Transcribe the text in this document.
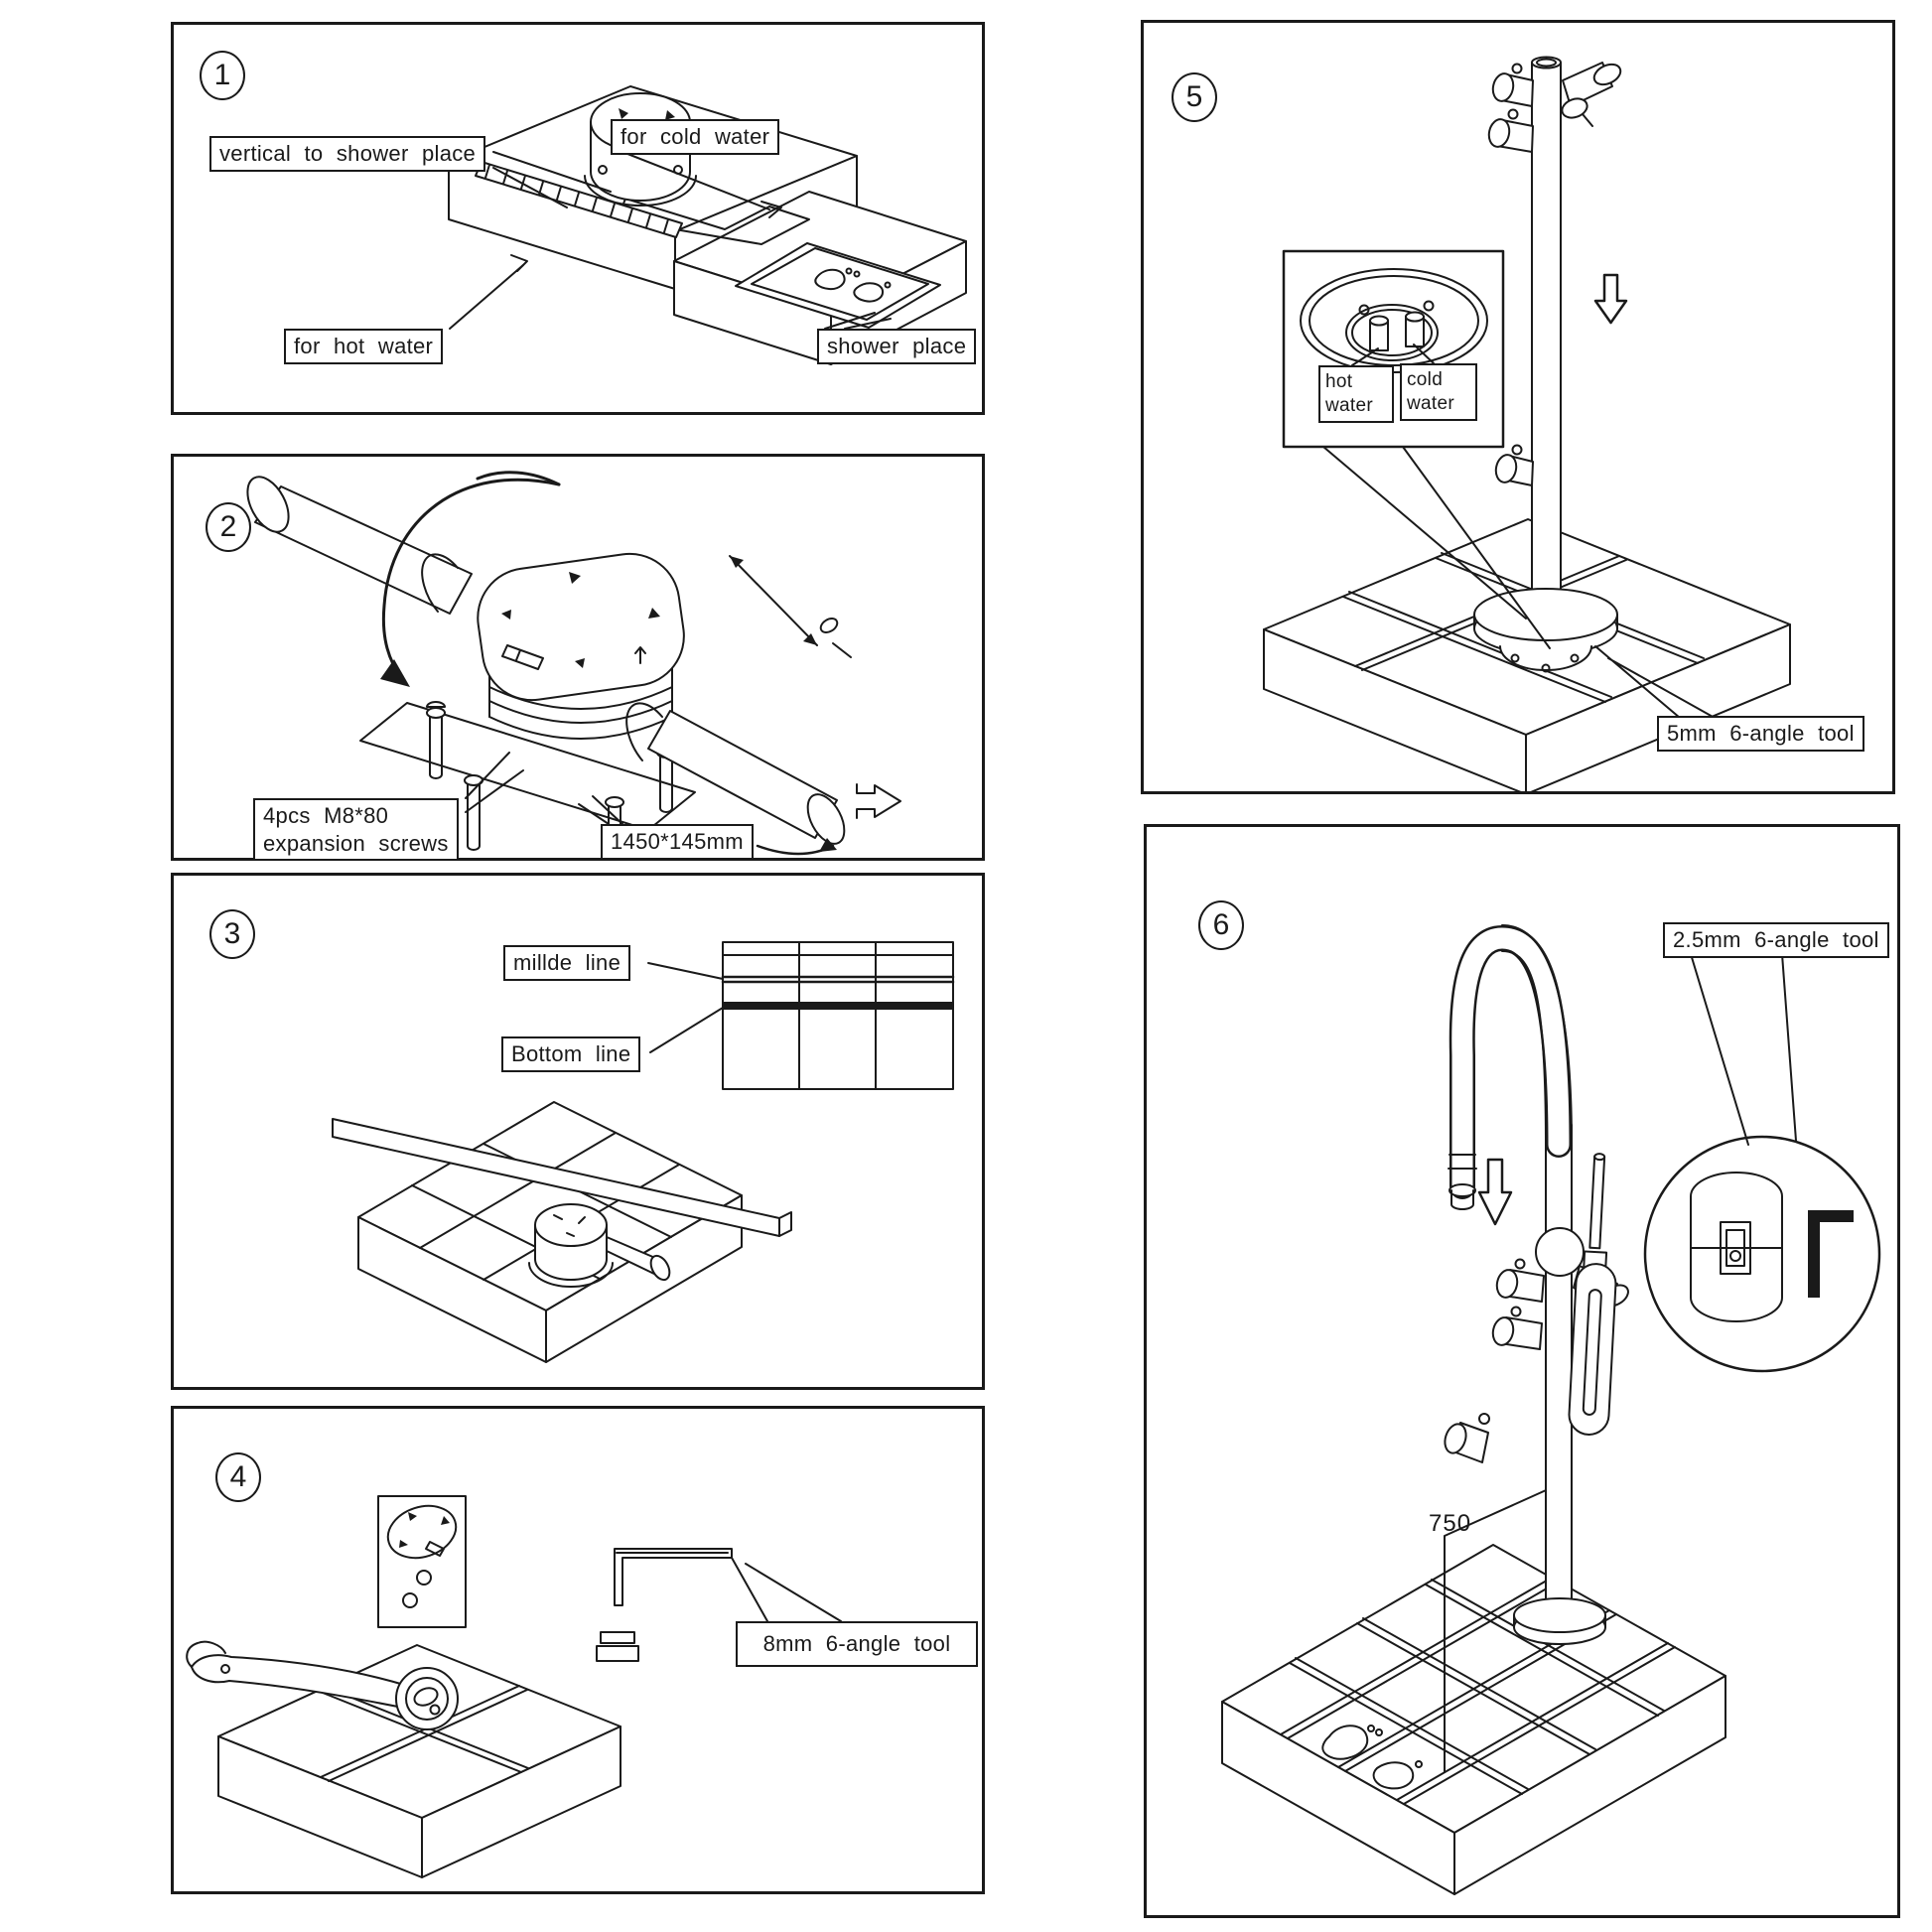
1
vertical to shower place
for cold water
for hot water	shower place
2
4pcs M8*80
expansion screws	1450*145mm
3
millde line
Bottom line
4
8mm 6-angle tool
5
hot water
cold water
5mm 6-angle tool
6	2.5mm 6-angle tool
750
